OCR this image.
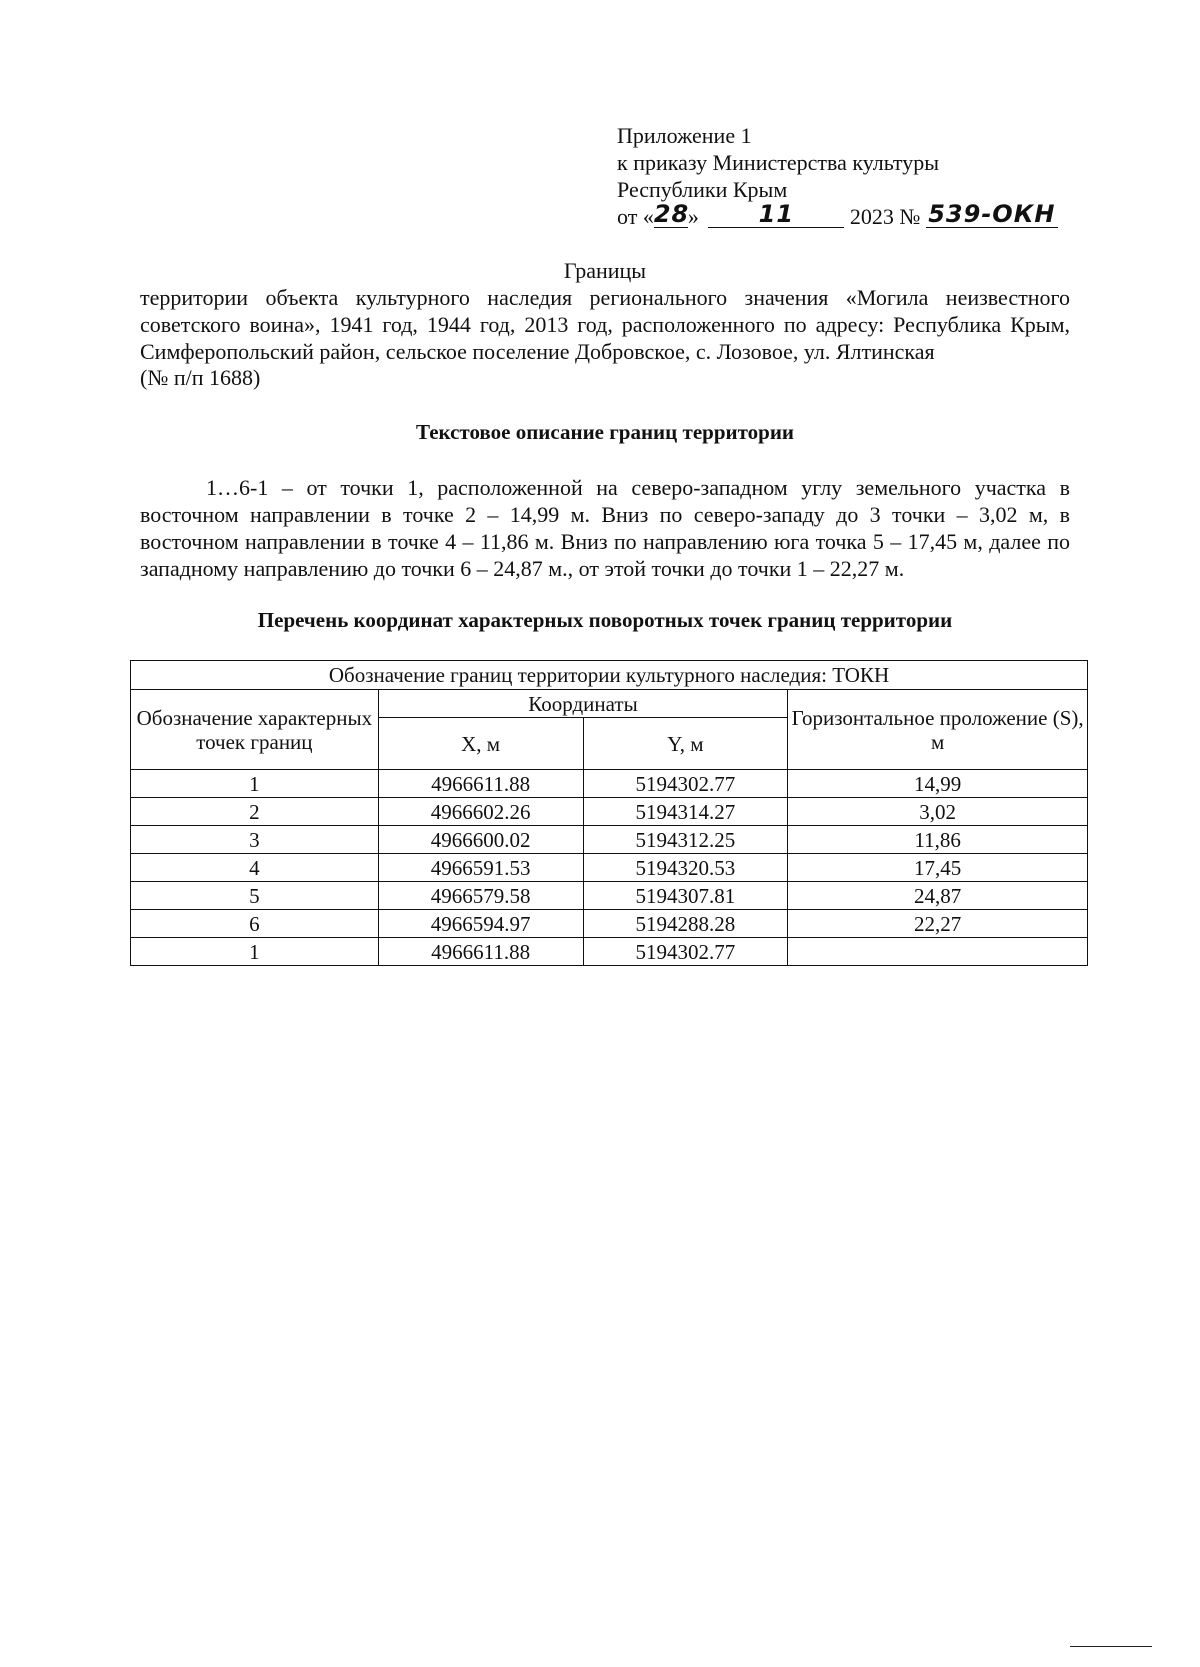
Приложение 1
к приказу Министерства культуры
Республики Крым
от «28» 11	2023 № 539-ОКН
Границы
территории объекта культурного наследия регионального значения «Могила неизвестного советского воина», 1941 год, 1944 год, 2013 год, расположенного по адресу: Республика Крым, Симферопольский район, сельское поселение Добровское, с. Лозовое, ул. Ялтинская
(№ п/п 1688)
Текстовое описание границ территории
1…6-1 – от точки 1, расположенной на северо-западном углу земельного участка в восточном направлении в точке 2 – 14,99 м. Вниз по северо-западу до 3 точки – 3,02 м, в восточном направлении в точке 4 – 11,86 м. Вниз по направлению юга точка 5 – 17,45 м, далее по западному направлению до точки 6 – 24,87 м., от этой точки до точки 1 – 22,27 м.
Перечень координат характерных поворотных точек границ территории
Обозначение границ территории культурного наследия: ТОКН			
Обозначение характерных точек границ	Координаты		Горизонтальное проложение (S), м
	X, м	Y, м	
1	4966611.88	5194302.77	14,99
2	4966602.26	5194314.27	3,02
3	4966600.02	5194312.25	11,86
4	4966591.53	5194320.53	17,45
5	4966579.58	5194307.81	24,87
6	4966594.97	5194288.28	22,27
1	4966611.88	5194302.77	
